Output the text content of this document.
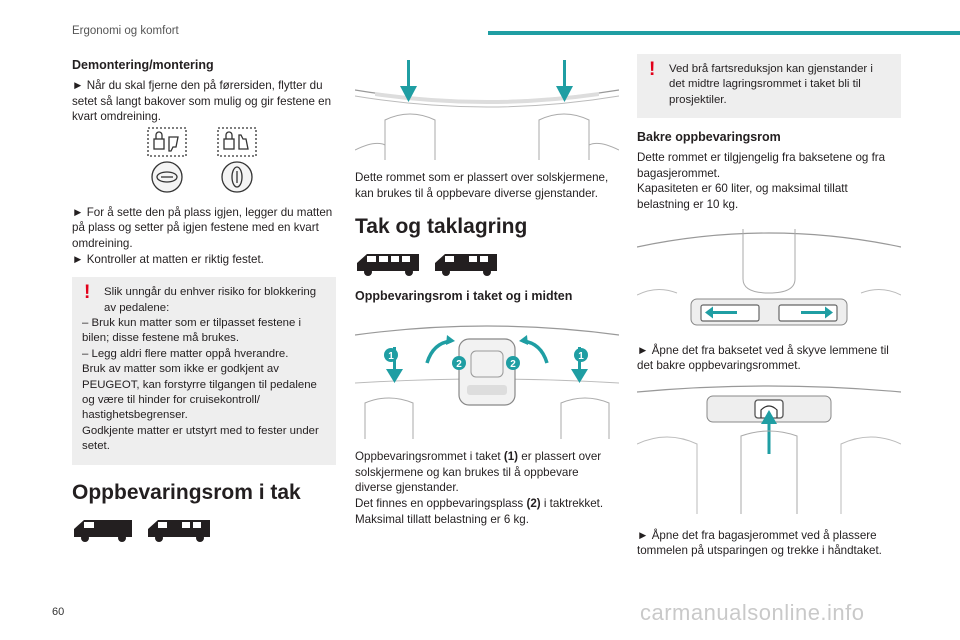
Ergonomi og komfort
Demontering/montering

► Når du skal fjerne den på førersiden, flytter du setet så langt bakover som mulig og gir festene en kvart omdreining.

► For å sette den på plass igjen, legger du matten på plass og setter på igjen festene med en kvart omdreining.

► Kontroller at matten er riktig festet.

!	Slik unngår du enhver risiko for blokkering av pedalene:

– Bruk kun matter som er tilpasset festene i bilen; disse festene må brukes.

– Legg aldri flere matter oppå hverandre.

Bruk av matter som ikke er godkjent av PEUGEOT, kan forstyrre tilgangen til pedalene og være til hinder for cruisekontroll/ hastighetsbegrenser.

Godkjente matter er utstyrt med to fester under setet.

Oppbevaringsrom i tak

Dette rommet som er plassert over solskjermene, kan brukes til å oppbevare diverse gjenstander.

Tak og taklagring
Oppbevaringsrom i taket og i midten
1
2	2
1

Oppbevaringsrommet i taket (1) er plassert over solskjermene og kan brukes til å oppbevare diverse gjenstander.

Det finnes en oppbevaringsplass (2) i taktrekket.

Maksimal tillatt belastning er 6 kg.

!	Ved brå fartsreduksjon kan gjenstander i det midtre lagringsrommet i taket bli til prosjektiler.

Bakre oppbevaringsrom

Dette rommet er tilgjengelig fra baksetene og fra bagasjerommet.

Kapasiteten er 60 liter, og maksimal tillatt belastning er 10 kg.

► Åpne det fra baksetet ved å skyve lemmene til det bakre oppbevaringsrommet.

► Åpne det fra bagasjerommet ved å plassere tommelen på utsparingen og trekke i håndtaket.

60	carmanualsonline.info
